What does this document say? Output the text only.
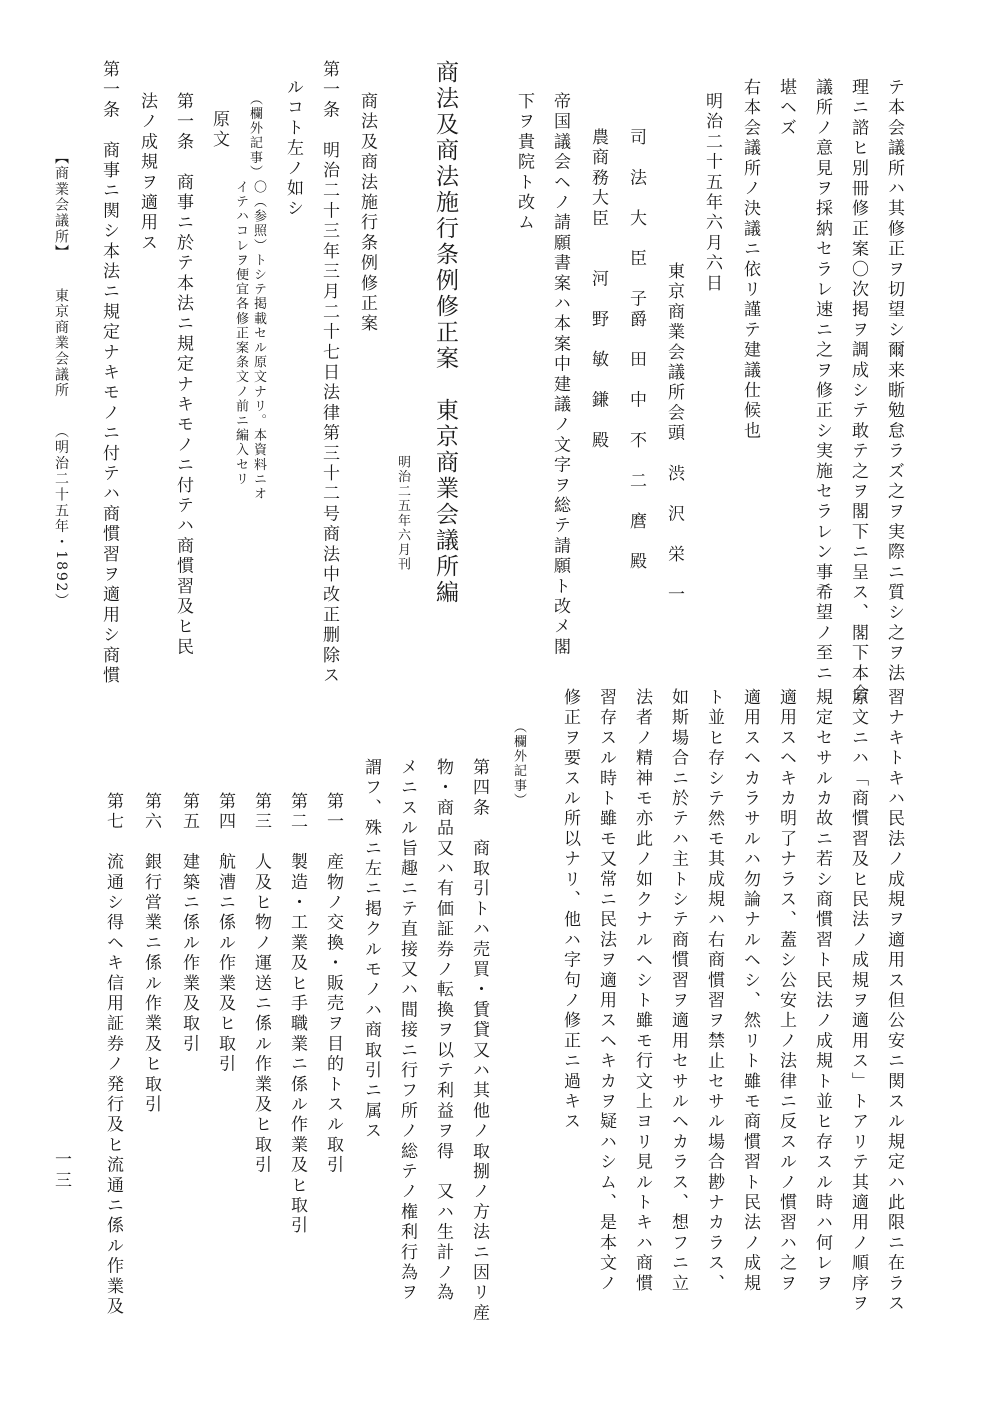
テ本会議所ハ其修正ヲ切望シ爾来䀿勉怠ラズ之ヲ実際ニ質シ之ヲ法
理ニ諮ヒ別冊修正案〇次掲ヲ調成シテ敢テ之ヲ閣下ニ呈ス、閣下本会
議所ノ意見ヲ採納セラレ速ニ之ヲ修正シ実施セラレン事希望ノ至ニ
堪ヘズ
右本会議所ノ決議ニ依リ謹テ建議仕候也
明治二十五年六月六日
東京商業会議所会頭　渋　沢　栄　一
司　法　大　臣　子爵　田　中　不　二　麿　殿
農商務大臣　　河　野　敏　鎌　殿
帝国議会ヘノ請願書案ハ本案中建議ノ文字ヲ総テ請願ト改メ閣
下ヲ貴院ト改ム
商法及商法施行条例修正案　東京商業会議所編
明治二五年六月刊
商法及商法施行条例修正案
第一条　明治二十三年三月二十七日法律第三十二号商法中改正删除ス
ルコト左ノ如シ
（欄外記事）
〇（参照）トシテ掲載セル原文ナリ。本資料ニオ
イテハコレヲ便宜各修正案条文ノ前ニ編入セリ
原文
第一条　商事ニ於テ本法ニ規定ナキモノニ付テハ商慣習及ヒ民
法ノ成規ヲ適用ス
第一条　商事ニ関シ本法ニ規定ナキモノニ付テハ商慣習ヲ適用シ商慣
【商業会議所】
東京商業会議所
（明治二十五年・1892）
習ナキトキハ民法ノ成規ヲ適用ス但公安ニ関スル規定ハ此限ニ在ラス
原文ニハ「商慣習及ヒ民法ノ成規ヲ適用ス」トアリテ其適用ノ順序ヲ
規定セサルカ故ニ若シ商慣習ト民法ノ成規ト並ヒ存スル時ハ何レヲ
適用スヘキカ明了ナラス、蓋シ公安上ノ法律ニ反スルノ慣習ハ之ヲ
適用スヘカラサルハ勿論ナルヘシ、然リト雖モ商慣習ト民法ノ成規
ト並ヒ存シテ然モ其成規ハ右商慣習ヲ禁止セサル場合尠ナカラス、
如斯場合ニ於テハ主トシテ商慣習ヲ適用セサルヘカラス、想フニ立
法者ノ精神モ亦此ノ如クナルヘシト雖モ行文上ヨリ見ルトキハ商慣
習存スル時ト雖モ又常ニ民法ヲ適用スヘキカヲ疑ハシム、是本文ノ
修正ヲ要スル所以ナリ、他ハ字句ノ修正ニ過キス
（欄外記事）
第四条　商取引トハ売買・賃貸又ハ其他ノ取捌ノ方法ニ因リ産
物・商品又ハ有価証券ノ転換ヲ以テ利益ヲ得　又ハ生計ノ為
メニスル旨趣ニテ直接又ハ間接ニ行フ所ノ総テノ権利行為ヲ
謂フ、殊ニ左ニ掲クルモノハ商取引ニ属ス
第一　産物ノ交換・販売ヲ目的トスル取引
第二　製造・工業及ヒ手職業ニ係ル作業及ヒ取引
第三　人及ヒ物ノ運送ニ係ル作業及ヒ取引
第四　航漕ニ係ル作業及ヒ取引
第五　建築ニ係ル作業及取引
第六　銀行営業ニ係ル作業及ヒ取引
第七　流通シ得ヘキ信用証券ノ発行及ヒ流通ニ係ル作業及
一三
